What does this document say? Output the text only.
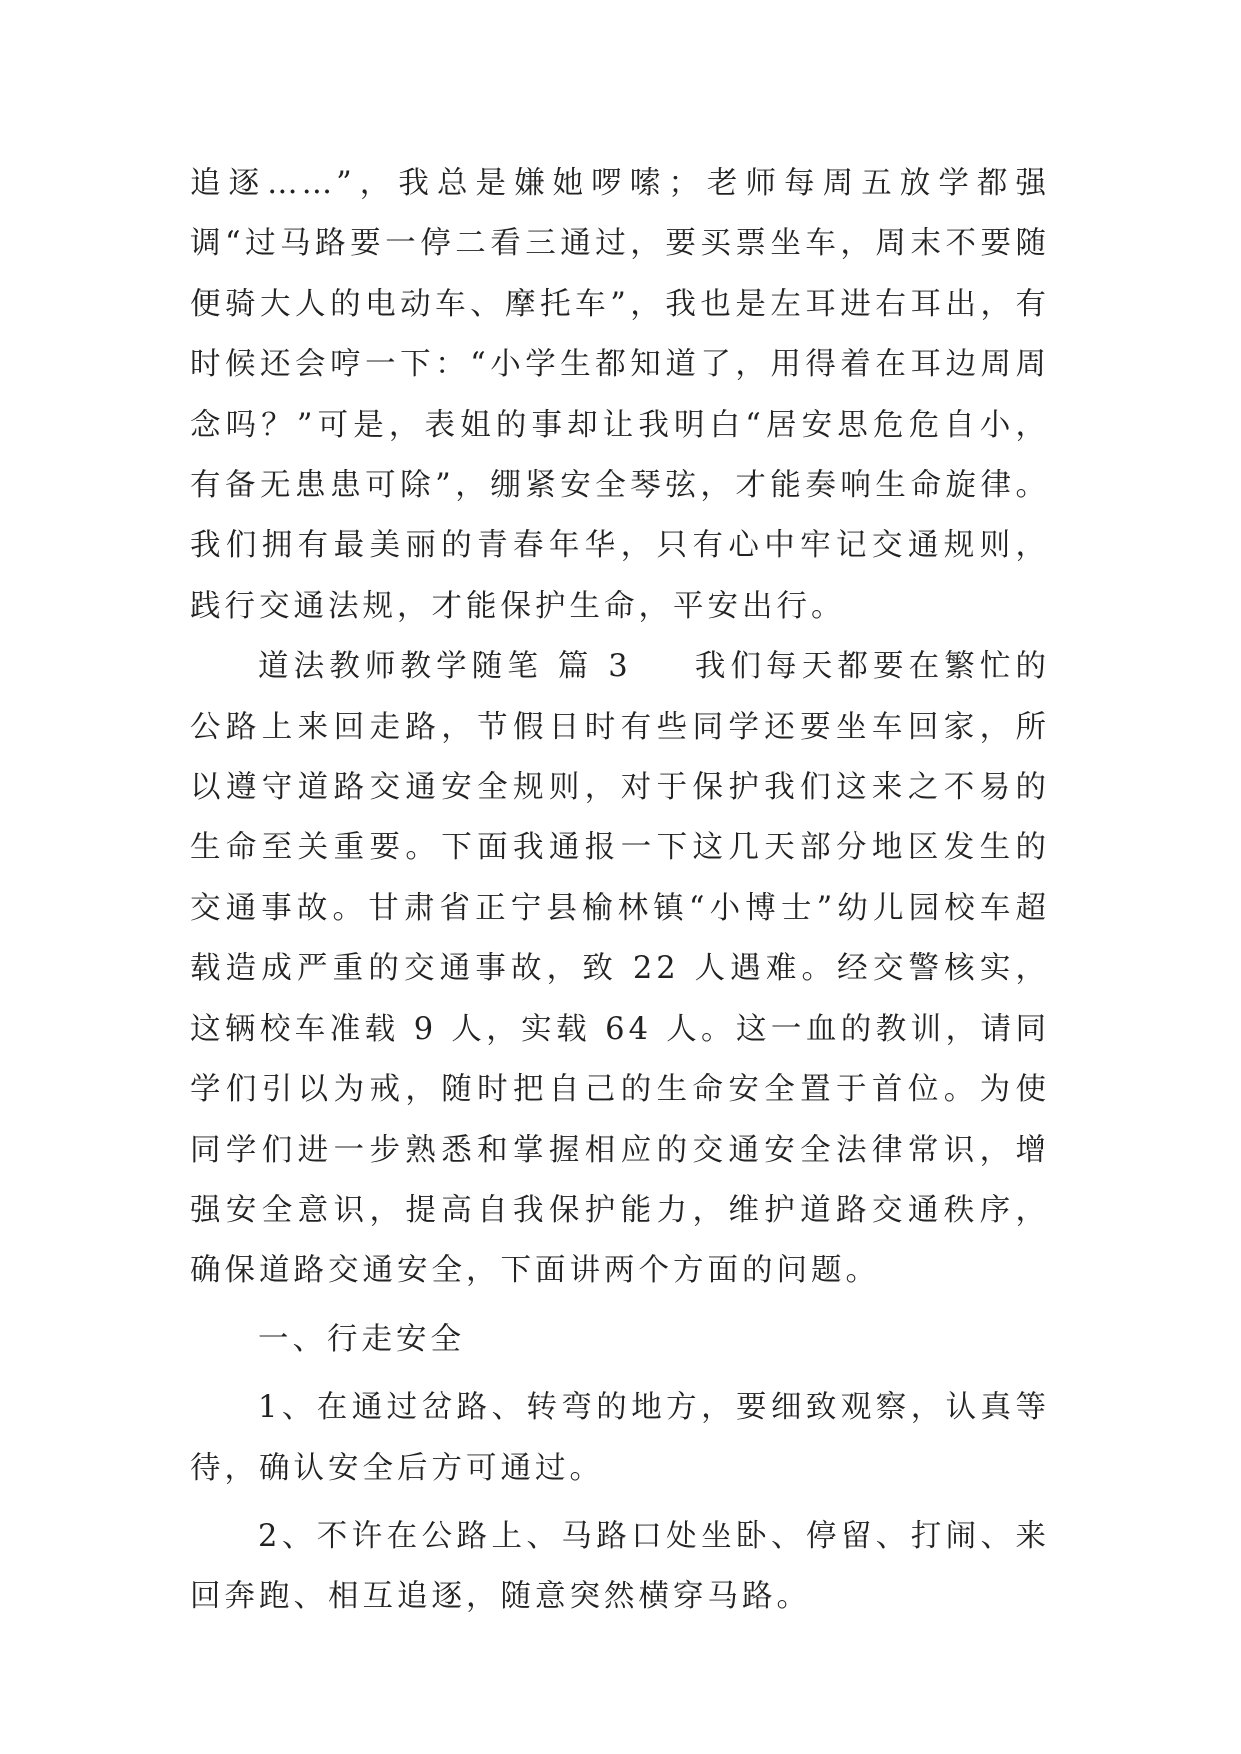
追逐……”，我总是嫌她啰嗦；老师每周五放学都强调“过马路要一停二看三通过，要买票坐车，周末不要随便骑大人的电动车、摩托车”，我也是左耳进右耳出，有时候还会哼一下：“小学生都知道了，用得着在耳边周周念吗？”可是，表姐的事却让我明白“居安思危危自小，有备无患患可除”，绷紧安全琴弦，才能奏响生命旋律。我们拥有最美丽的青春年华，只有心中牢记交通规则，践行交通法规，才能保护生命，平安出行。

道法教师教学随笔 篇 3 我们每天都要在繁忙的公路上来回走路，节假日时有些同学还要坐车回家，所以遵守道路交通安全规则，对于保护我们这来之不易的生命至关重要。下面我通报一下这几天部分地区发生的交通事故。甘肃省正宁县榆林镇“小博士”幼儿园校车超载造成严重的交通事故，致 22 人遇难。经交警核实，这辆校车准载 9 人，实载 64 人。这一血的教训，请同学们引以为戒，随时把自己的生命安全置于首位。为使同学们进一步熟悉和掌握相应的交通安全法律常识，增强安全意识，提高自我保护能力，维护道路交通秩序，确保道路交通安全，下面讲两个方面的问题。

一、行走安全

1、在通过岔路、转弯的地方，要细致观察，认真等待，确认安全后方可通过。

2、不许在公路上、马路口处坐卧、停留、打闹、来回奔跑、相互追逐，随意突然横穿马路。
